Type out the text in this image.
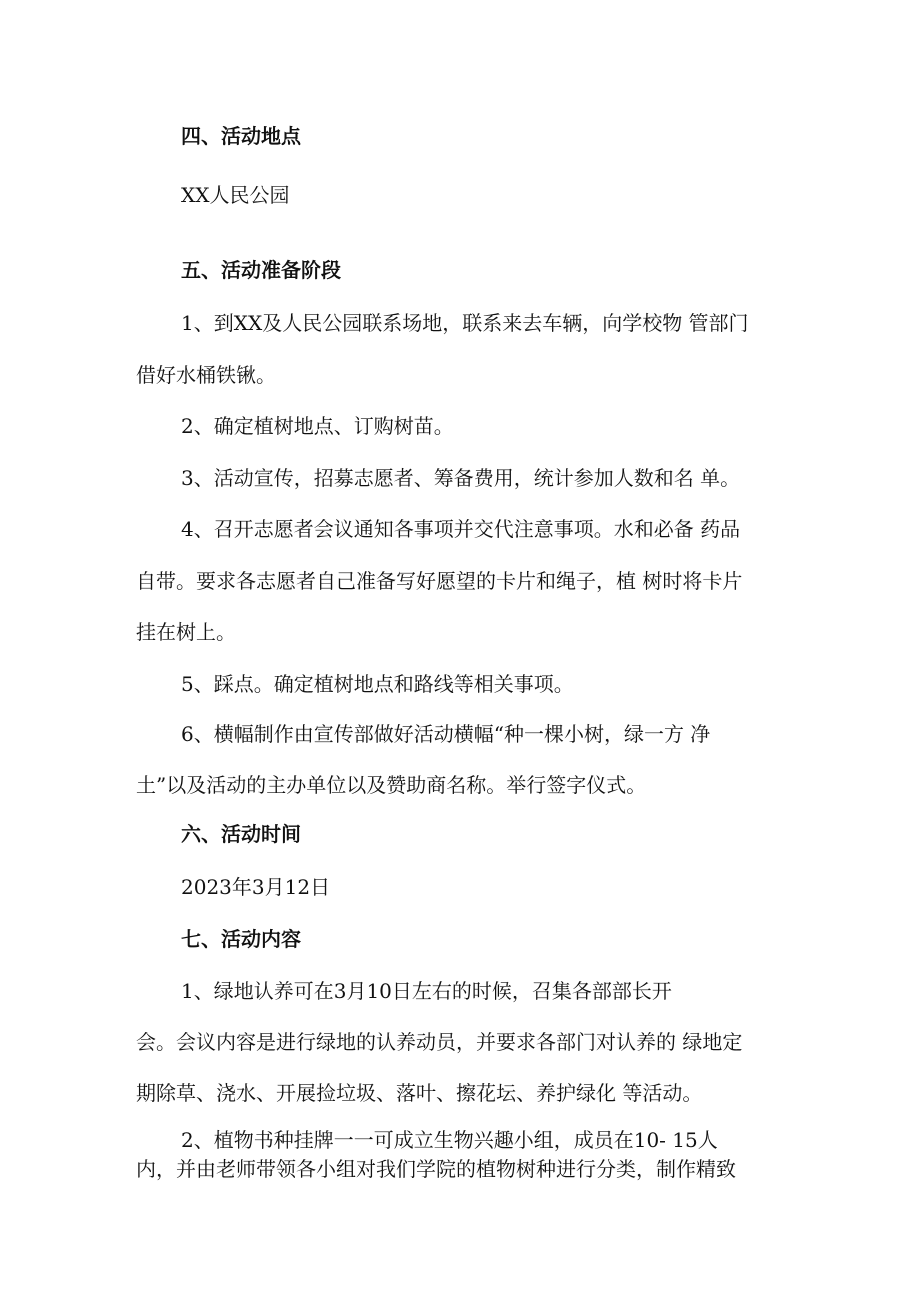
四、活动地点
XX人民公园
五、活动准备阶段
1、到XX及人民公园联系场地，联系来去车辆，向学校物 管部门
借好水桶铁锹。
2、确定植树地点、订购树苗。
3、活动宣传，招募志愿者、筹备费用，统计参加人数和名 单。
4、召开志愿者会议通知各事项并交代注意事项。水和必备 药品
自带。要求各志愿者自己准备写好愿望的卡片和绳子，植 树时将卡片
挂在树上。
5、踩点。确定植树地点和路线等相关事项。
6、横幅制作由宣传部做好活动横幅“种一棵小树，绿一方 净
土”以及活动的主办单位以及赞助商名称。举行签字仪式。
六、活动时间
2023年3月12日
七、活动内容
1、绿地认养可在3月10日左右的时候，召集各部部长开
会。会议内容是进行绿地的认养动员，并要求各部门对认养的 绿地定
期除草、浇水、开展捡垃圾、落叶、擦花坛、养护绿化 等活动。
2、植物书种挂牌一一可成立生物兴趣小组，成员在10- 15人
内，并由老师带领各小组对我们学院的植物树种进行分类，制作精致
